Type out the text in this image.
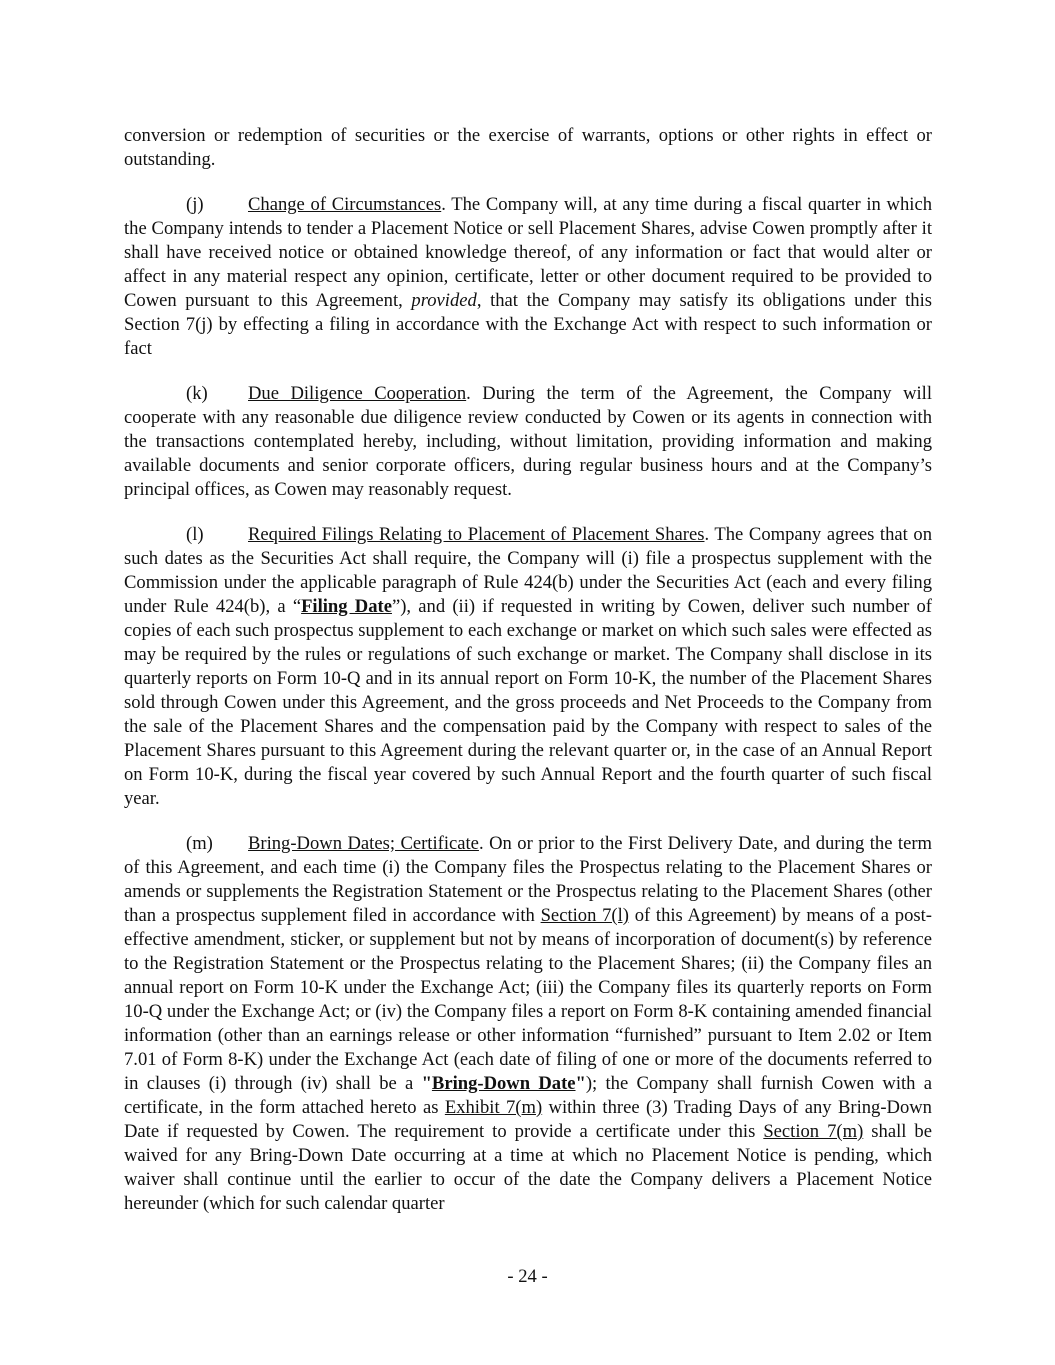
conversion or redemption of securities or the exercise of warrants, options or other rights in effect or outstanding.

(j) Change of Circumstances. The Company will, at any time during a fiscal quarter in which the Company intends to tender a Placement Notice or sell Placement Shares, advise Cowen promptly after it shall have received notice or obtained knowledge thereof, of any information or fact that would alter or affect in any material respect any opinion, certificate, letter or other document required to be provided to Cowen pursuant to this Agreement, provided, that the Company may satisfy its obligations under this Section 7(j) by effecting a filing in accordance with the Exchange Act with respect to such information or fact

(k) Due Diligence Cooperation. During the term of the Agreement, the Company will cooperate with any reasonable due diligence review conducted by Cowen or its agents in connection with the transactions contemplated hereby, including, without limitation, providing information and making available documents and senior corporate officers, during regular business hours and at the Company’s principal offices, as Cowen may reasonably request.

(l) Required Filings Relating to Placement of Placement Shares. The Company agrees that on such dates as the Securities Act shall require, the Company will (i) file a prospectus supplement with the Commission under the applicable paragraph of Rule 424(b) under the Securities Act (each and every filing under Rule 424(b), a “Filing Date”), and (ii) if requested in writing by Cowen, deliver such number of copies of each such prospectus supplement to each exchange or market on which such sales were effected as may be required by the rules or regulations of such exchange or market. The Company shall disclose in its quarterly reports on Form 10-Q and in its annual report on Form 10-K, the number of the Placement Shares sold through Cowen under this Agreement, and the gross proceeds and Net Proceeds to the Company from the sale of the Placement Shares and the compensation paid by the Company with respect to sales of the Placement Shares pursuant to this Agreement during the relevant quarter or, in the case of an Annual Report on Form 10-K, during the fiscal year covered by such Annual Report and the fourth quarter of such fiscal year.

(m) Bring-Down Dates; Certificate. On or prior to the First Delivery Date, and during the term of this Agreement, and each time (i) the Company files the Prospectus relating to the Placement Shares or amends or supplements the Registration Statement or the Prospectus relating to the Placement Shares (other than a prospectus supplement filed in accordance with Section 7(l) of this Agreement) by means of a post-effective amendment, sticker, or supplement but not by means of incorporation of document(s) by reference to the Registration Statement or the Prospectus relating to the Placement Shares; (ii) the Company files an annual report on Form 10-K under the Exchange Act; (iii) the Company files its quarterly reports on Form 10-Q under the Exchange Act; or (iv) the Company files a report on Form 8-K containing amended financial information (other than an earnings release or other information “furnished” pursuant to Item 2.02 or Item 7.01 of Form 8-K) under the Exchange Act (each date of filing of one or more of the documents referred to in clauses (i) through (iv) shall be a "Bring-Down Date"); the Company shall furnish Cowen with a certificate, in the form attached hereto as Exhibit 7(m) within three (3) Trading Days of any Bring-Down Date if requested by Cowen. The requirement to provide a certificate under this Section 7(m) shall be waived for any Bring-Down Date occurring at a time at which no Placement Notice is pending, which waiver shall continue until the earlier to occur of the date the Company delivers a Placement Notice hereunder (which for such calendar quarter

- 24 -
